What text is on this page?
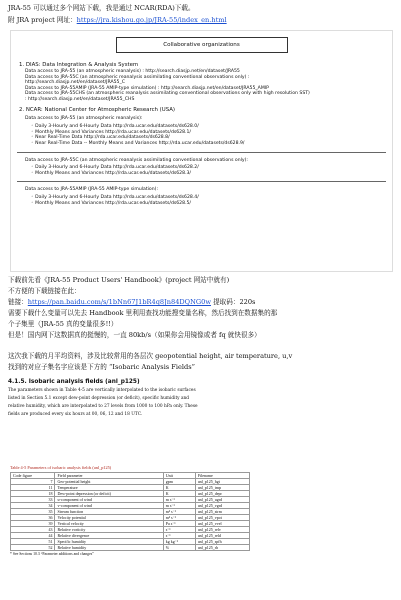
JRA-55 可以通过多个网站下载，我是通过 NCAR(RDA)下载。
附 JRA project 网址：https://jra.kishou.go.jp/JRA-55/index_en.html
Collaborative organizations
1. DIAS: Data Integration & Analysis System
Data access to JRA-55 (an atmospheric reanalysis) : http://search.diasjp.net/en/dataset/JRA55
Data access to JRA-55C (an atmospheric reanalysis assimilating conventional observations only) :
http://search.diasjp.net/en/dataset/JRA55_C
Data access to JRA-55AMIP (JRA-55 AMIP-type simulation) : http://search.diasjp.net/en/dataset/JRA55_AMIP
Data access to JRA-55CHS (an atmospheric reanalysis assimilating conventional observations only with high resolution SST)
: http://search.diasjp.net/en/dataset/JRA55_CHS
2. NCAR: National Center for Atmospheric Research (USA)
Data access to JRA-55 (an atmospheric reanalysis):
◦ Daily 3-Hourly and 6-Hourly Data http://rda.ucar.edu/datasets/ds628.0/
◦ Monthly Means and Variances http://rda.ucar.edu/datasets/ds628.1/
◦ Near Real-Time Data http://rda.ucar.edu/datasets/ds628.8/
◦ Near Real-Time Data -- Monthly Means and Variances http://rda.ucar.edu/datasets/ds628.9/
Data access to JRA-55C (an atmospheric reanalysis assimilating conventional observations only):
◦ Daily 3-Hourly and 6-Hourly Data http://rda.ucar.edu/datasets/ds628.2/
◦ Monthly Means and Variances http://rda.ucar.edu/datasets/ds628.3/
Data access to JRA-55AMIP (JRA-55 AMIP-type simulation):
◦ Daily 3-Hourly and 6-Hourly Data http://rda.ucar.edu/datasets/ds628.4/
◦ Monthly Means and Variances http://rda.ucar.edu/datasets/ds628.5/
下载前先看《JRA-55 Product Users' Handbook》(project 网站中就有)
不方便的下载链接在此：
链接：https://pan.baidu.com/s/1bNn67J1bR4q8Jn84DQNG0w 提取码：220s
需要下载什么变量可以先去 Handbook 里利用查找功能搜变量名称，然后找到在数据集的那
个子集里（JRA-55 真的变量很多!!）
但是！国内网下这数据真的挺慢的，一直 80kb/s（如果你会用镜像或者 fq 就快很多）
这次我下载的月平均资料，涉及比较常用的各层次 geopotential height, air temperature, u,v
找到的对应子集名字应该是下方的 “Isobaric Analysis Fields”
4.1.5. Isobaric analysis fields (anl_p125)
The parameters shown in Table 4-5 are vertically interpolated to the isobaric surfaces
listed in Section 5.1 except dew-point depression (or deficit), specific humidity and
relative humidity, which are interpolated to 27 levels from 1000 to 100 hPa only. These
fields are produced every six hours at 00, 06, 12 and 18 UTC.
Table 4-5 Parameters of isobaric analysis fields (anl_p125)
Code figure	Field parameter	Unit	Filename
7	Geo-potential height	gpm	anl_p125_hgt
11	Temperature	K	anl_p125_tmp
18	Dew-point depression (or deficit)	K	anl_p125_depr
33	u-component of wind	m s⁻¹	anl_p125_ugrd
34	v-component of wind	m s⁻¹	anl_p125_vgrd
35	Stream function	m² s⁻¹	anl_p125_strm
36	Velocity potential	m² s⁻¹	anl_p125_vpot
39	Vertical velocity	Pa s⁻¹	anl_p125_vvel
43	Relative vorticity	s⁻¹	anl_p125_relv
44	Relative divergence	s⁻¹	anl_p125_reld
51	Specific humidity	kg kg⁻¹	anl_p125_spfh
52	Relative humidity	%	anl_p125_rh
* See Sections 10.3 “Parameter additions and changes”
